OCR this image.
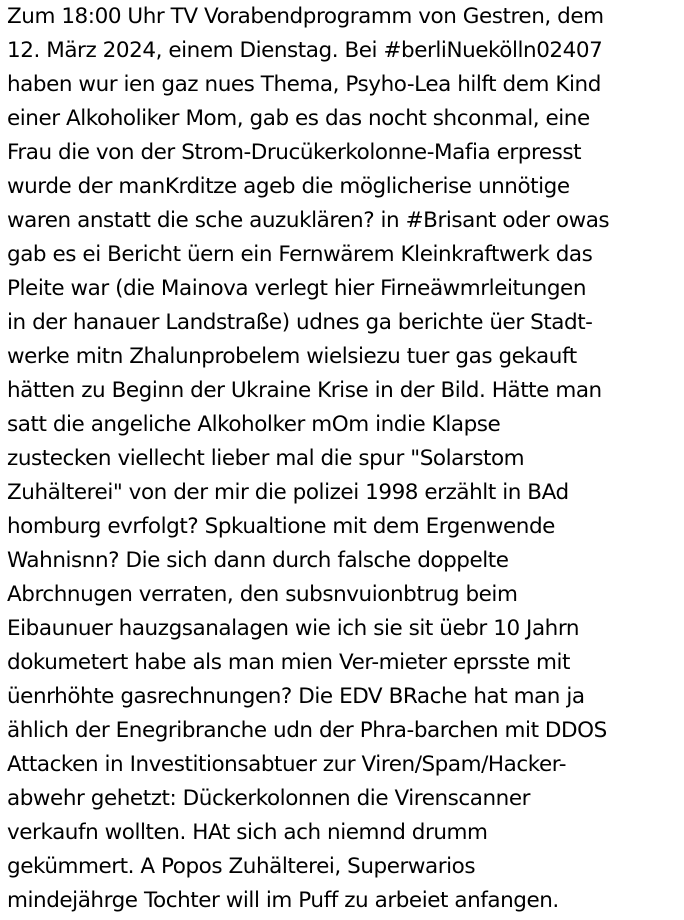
Zum 18:00 Uhr TV Vorabendprogramm von Gestren, dem
12. März 2024, einem Dienstag. Bei #berliNuekölln02407
haben wur ien gaz nues Thema, Psyho-Lea hilft dem Kind
einer Alkoholiker Mom, gab es das nocht shconmal, eine
Frau die von der Strom-Drucükerkolonne-Mafia erpresst
wurde der manKrditze ageb die möglicherise unnötige
waren anstatt die sche auzuklären? in #Brisant oder owas
gab es ei Bericht üern ein Fernwärem Kleinkraftwerk das
Pleite war (die Mainova verlegt hier Firneäwmrleitungen
in der hanauer Landstraße) udnes ga berichte üer Stadt-
werke mitn Zhalunprobelem wielsiezu tuer gas gekauft
hätten zu Beginn der Ukraine Krise in der Bild. Hätte man
satt die angeliche Alkoholker mOm indie Klapse
zustecken viellecht lieber mal die spur "Solarstom
Zuhälterei" von der mir die polizei 1998 erzählt in BAd
homburg evrfolgt? Spkualtione mit dem Ergenwende
Wahnisnn? Die sich dann durch falsche doppelte
Abrchnugen verraten, den subsnvuionbtrug beim
Eibaunuer hauzgsanalagen wie ich sie sit üebr 10 Jahrn
dokumetert habe als man mien Ver-mieter eprsste mit
üenrhöhte gasrechnungen? Die EDV BRache hat man ja
ählich der Enegribranche udn der Phra-barchen mit DDOS
Attacken in Investitionsabtuer zur Viren/Spam/Hacker-
abwehr gehetzt: Dückerkolonnen die Virenscanner
verkaufn wollten. HAt sich ach niemnd drumm
gekümmert. A Popos Zuhälterei, Superwarios
mindejährge Tochter will im Puff zu arbeiet anfangen.
